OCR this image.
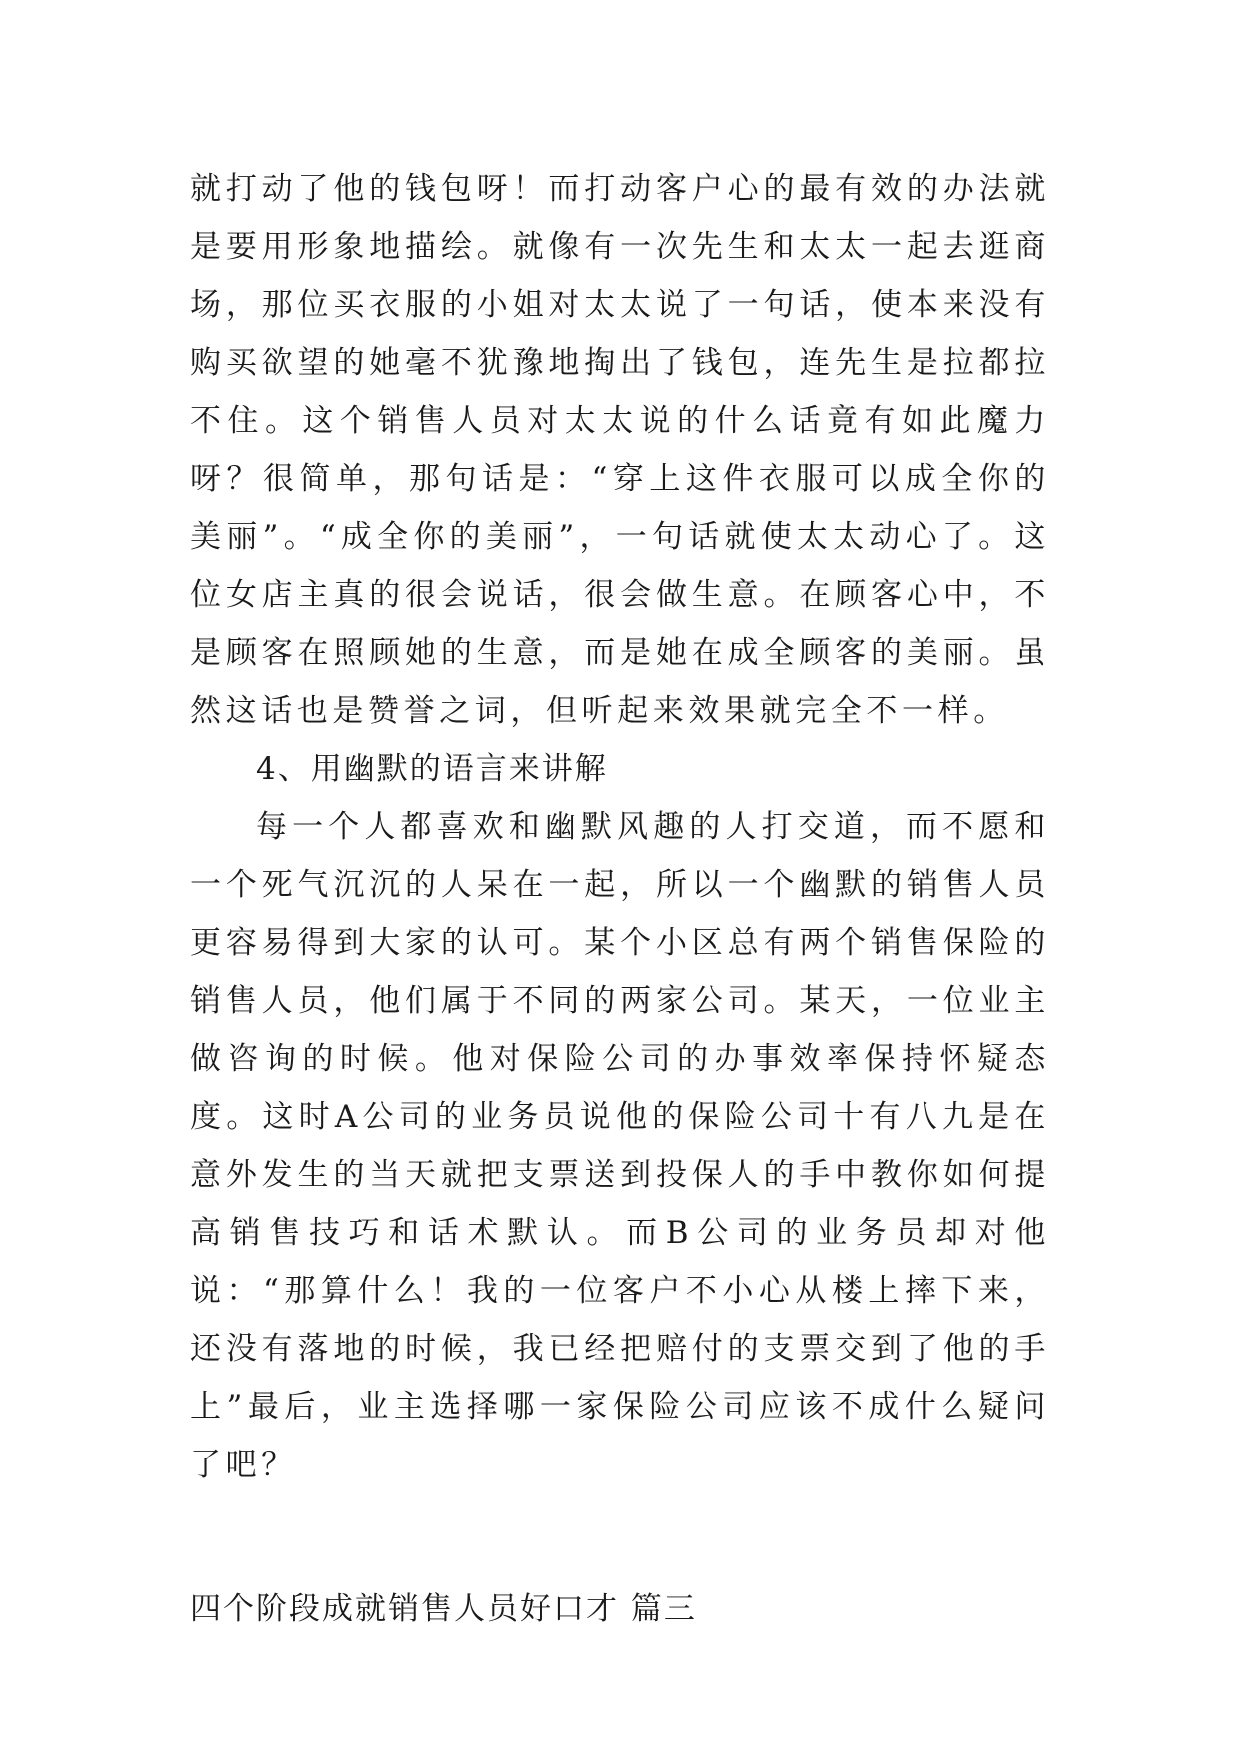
就打动了他的钱包呀！而打动客户心的最有效的办法就是要用形象地描绘。就像有一次先生和太太一起去逛商场，那位买衣服的小姐对太太说了一句话，使本来没有购买欲望的她毫不犹豫地掏出了钱包，连先生是拉都拉不住。这个销售人员对太太说的什么话竟有如此魔力呀？很简单，那句话是：“穿上这件衣服可以成全你的美丽”。“成全你的美丽”，一句话就使太太动心了。这位女店主真的很会说话，很会做生意。在顾客心中，不是顾客在照顾她的生意，而是她在成全顾客的美丽。虽然这话也是赞誉之词，但听起来效果就完全不一样。

4、用幽默的语言来讲解

每一个人都喜欢和幽默风趣的人打交道，而不愿和一个死气沉沉的人呆在一起，所以一个幽默的销售人员更容易得到大家的认可。某个小区总有两个销售保险的销售人员，他们属于不同的两家公司。某天，一位业主做咨询的时候。他对保险公司的办事效率保持怀疑态度。这时A公司的业务员说他的保险公司十有八九是在意外发生的当天就把支票送到投保人的手中教你如何提高销售技巧和话术默认。而B公司的业务员却对他说：“那算什么！我的一位客户不小心从楼上摔下来，还没有落地的时候，我已经把赔付的支票交到了他的手上”最后，业主选择哪一家保险公司应该不成什么疑问了吧？

四个阶段成就销售人员好口才 篇三
